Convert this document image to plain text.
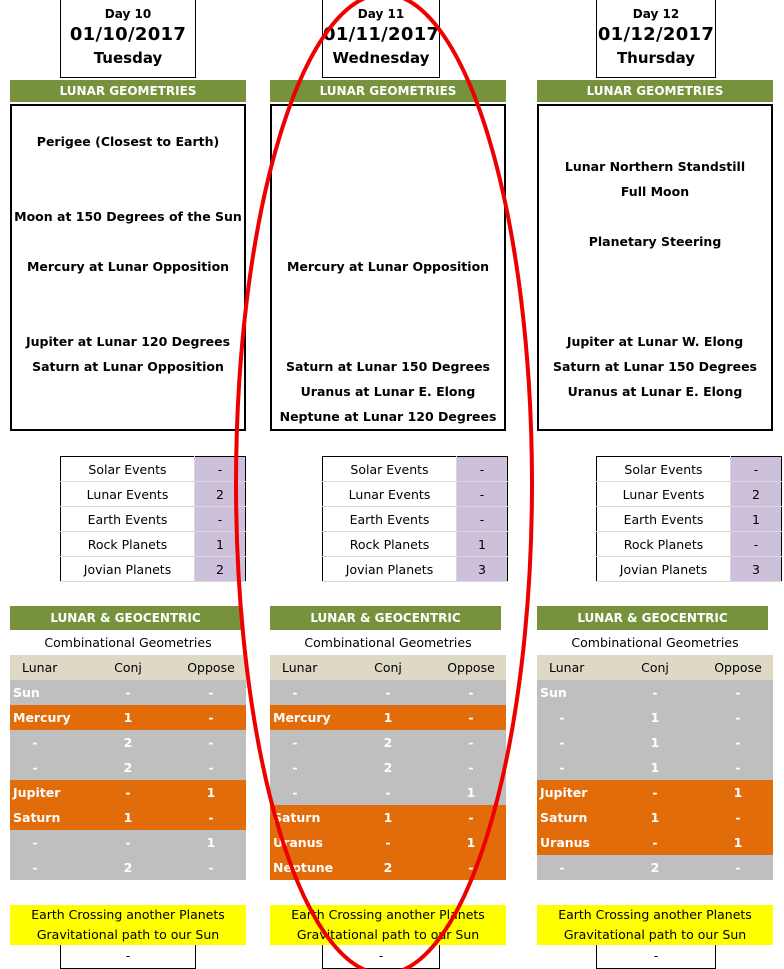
Day 10
01/10/2017
Tuesday
LUNAR GEOMETRIES
Perigee (Closest to Earth)
Moon at 150 Degrees of the Sun
Mercury at Lunar Opposition
Jupiter at Lunar 120 Degrees
Saturn at Lunar Opposition
Solar Events	-
Lunar Events	2
Earth Events	-
Rock Planets	1
Jovian Planets	2
LUNAR & GEOCENTRIC
Combinational Geometries
Lunar	Conj	Oppose
Sun	-	-
Mercury	1	-
-	2	-
-	2	-
Jupiter	-	1
Saturn	1	-
-	-	1
-	2	-
Earth Crossing another Planets
Gravitational path to our Sun
-
Day 11
01/11/2017
Wednesday
LUNAR GEOMETRIES
Mercury at Lunar Opposition
Saturn at Lunar 150 Degrees
Uranus at Lunar E. Elong
Neptune at Lunar 120 Degrees
Solar Events	-
Lunar Events	-
Earth Events	-
Rock Planets	1
Jovian Planets	3
LUNAR & GEOCENTRIC
Combinational Geometries
Lunar	Conj	Oppose
-	-	-
Mercury	1	-
-	2	-
-	2	-
-	-	1
Saturn	1	-
Uranus	-	1
Neptune	2	-
Earth Crossing another Planets
Gravitational path to our Sun
-
Day 12
01/12/2017
Thursday
LUNAR GEOMETRIES
Lunar Northern Standstill
Full Moon
Planetary Steering
Jupiter at Lunar W. Elong
Saturn at Lunar 150 Degrees
Uranus at Lunar E. Elong
Solar Events	-
Lunar Events	2
Earth Events	1
Rock Planets	-
Jovian Planets	3
LUNAR & GEOCENTRIC
Combinational Geometries
Lunar	Conj	Oppose
Sun	-	-
-	1	-
-	1	-
-	1	-
Jupiter	-	1
Saturn	1	-
Uranus	-	1
-	2	-
Earth Crossing another Planets
Gravitational path to our Sun
-
